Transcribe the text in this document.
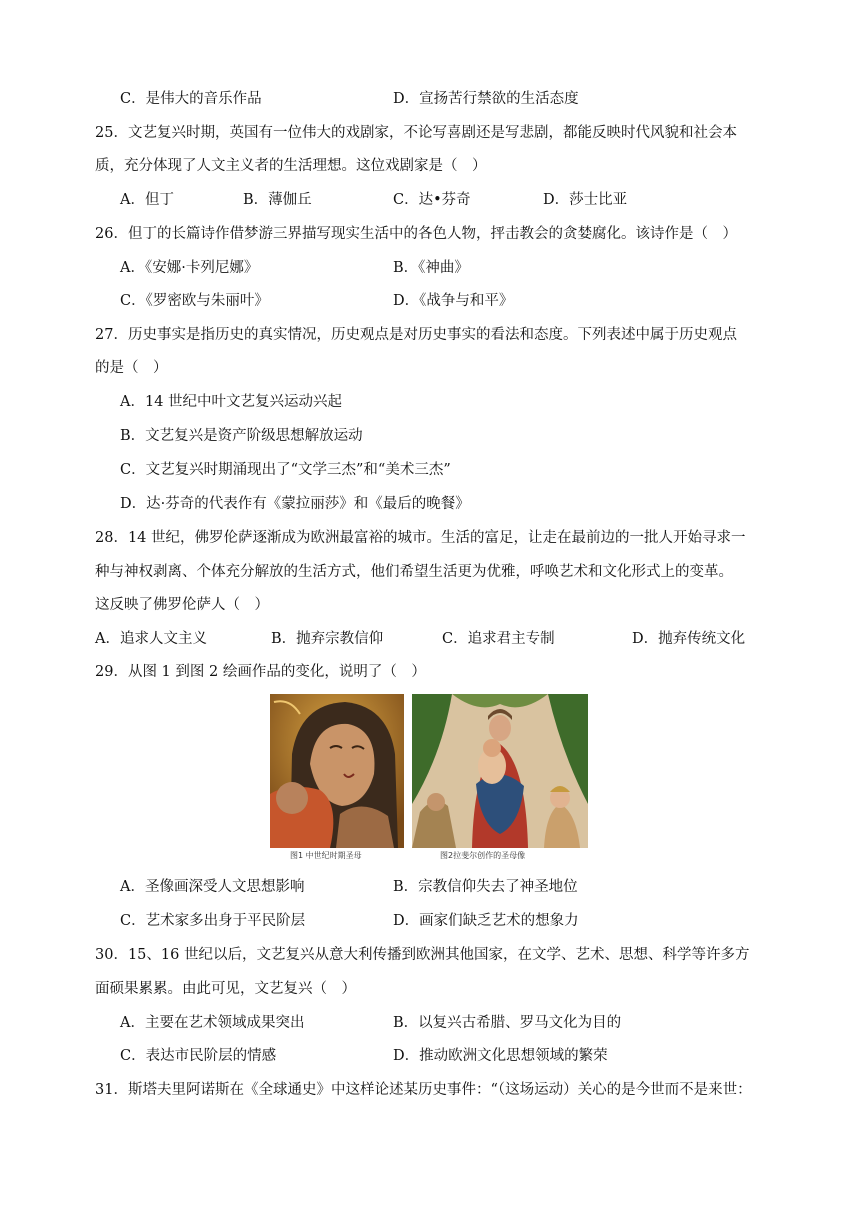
C．是伟大的音乐作品	D．宣扬苦行禁欲的生活态度
25．文艺复兴时期，英国有一位伟大的戏剧家，不论写喜剧还是写悲剧，都能反映时代风貌和社会本
质，充分体现了人文主义者的生活理想。这位戏剧家是（　）
A．但丁	B．薄伽丘	C．达•芬奇	D．莎士比亚
26．但丁的长篇诗作借梦游三界描写现实生活中的各色人物，抨击教会的贪婪腐化。该诗作是（　）
A．《安娜·卡列尼娜》	B．《神曲》
C．《罗密欧与朱丽叶》	D．《战争与和平》
27．历史事实是指历史的真实情况，历史观点是对历史事实的看法和态度。下列表述中属于历史观点
的是（　）
A．14 世纪中叶文艺复兴运动兴起
B．文艺复兴是资产阶级思想解放运动
C．文艺复兴时期涌现出了“文学三杰”和“美术三杰”
D．达·芬奇的代表作有《蒙拉丽莎》和《最后的晚餐》
28．14 世纪，佛罗伦萨逐渐成为欧洲最富裕的城市。生活的富足，让走在最前边的一批人开始寻求一
种与神权剥离、个体充分解放的生活方式，他们希望生活更为优雅，呼唤艺术和文化形式上的变革。
这反映了佛罗伦萨人（　）
A．追求人文主义	B．抛弃宗教信仰	C．追求君主专制	D．抛弃传统文化
29．从图 1 到图 2 绘画作品的变化，说明了（　）
图1 中世纪时期圣母	图2拉斐尔创作的圣母像
A．圣像画深受人文思想影响	B．宗教信仰失去了神圣地位
C．艺术家多出身于平民阶层	D．画家们缺乏艺术的想象力
30．15、16 世纪以后，文艺复兴从意大利传播到欧洲其他国家，在文学、艺术、思想、科学等许多方
面硕果累累。由此可见，文艺复兴（　）
A．主要在艺术领域成果突出	B．以复兴古希腊、罗马文化为目的
C．表达市民阶层的情感	D．推动欧洲文化思想领域的繁荣
31．斯塔夫里阿诺斯在《全球通史》中这样论述某历史事件：“（这场运动）关心的是今世而不是来世：
